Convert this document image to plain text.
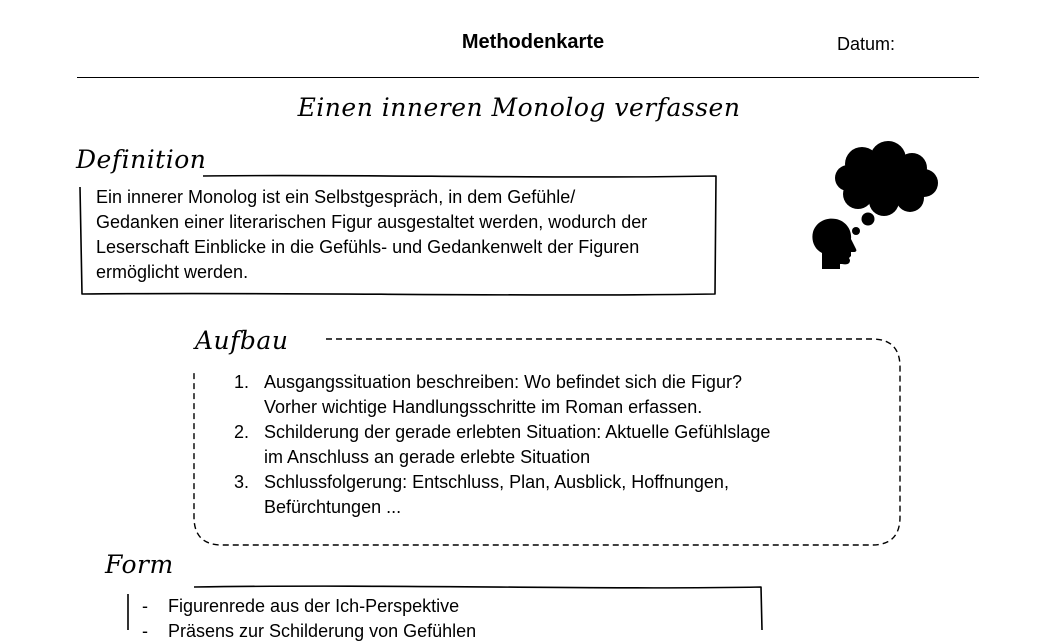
Methodenkarte	Datum:
Einen inneren Monolog verfassen
Definition
Ein innerer Monolog ist ein Selbstgespräch, in dem Gefühle/
Gedanken einer literarischen Figur ausgestaltet werden, wodurch der
Leserschaft Einblicke in die Gefühls- und Gedankenwelt der Figuren
ermöglicht werden.
Aufbau
1. Ausgangssituation beschreiben: Wo befindet sich die Figur?
Vorher wichtige Handlungsschritte im Roman erfassen.
2. Schilderung der gerade erlebten Situation: Aktuelle Gefühlslage
im Anschluss an gerade erlebte Situation
3. Schlussfolgerung: Entschluss, Plan, Ausblick, Hoffnungen,
Befürchtungen ...
Form
- Figurenrede aus der Ich-Perspektive
- Präsens zur Schilderung von Gefühlen
